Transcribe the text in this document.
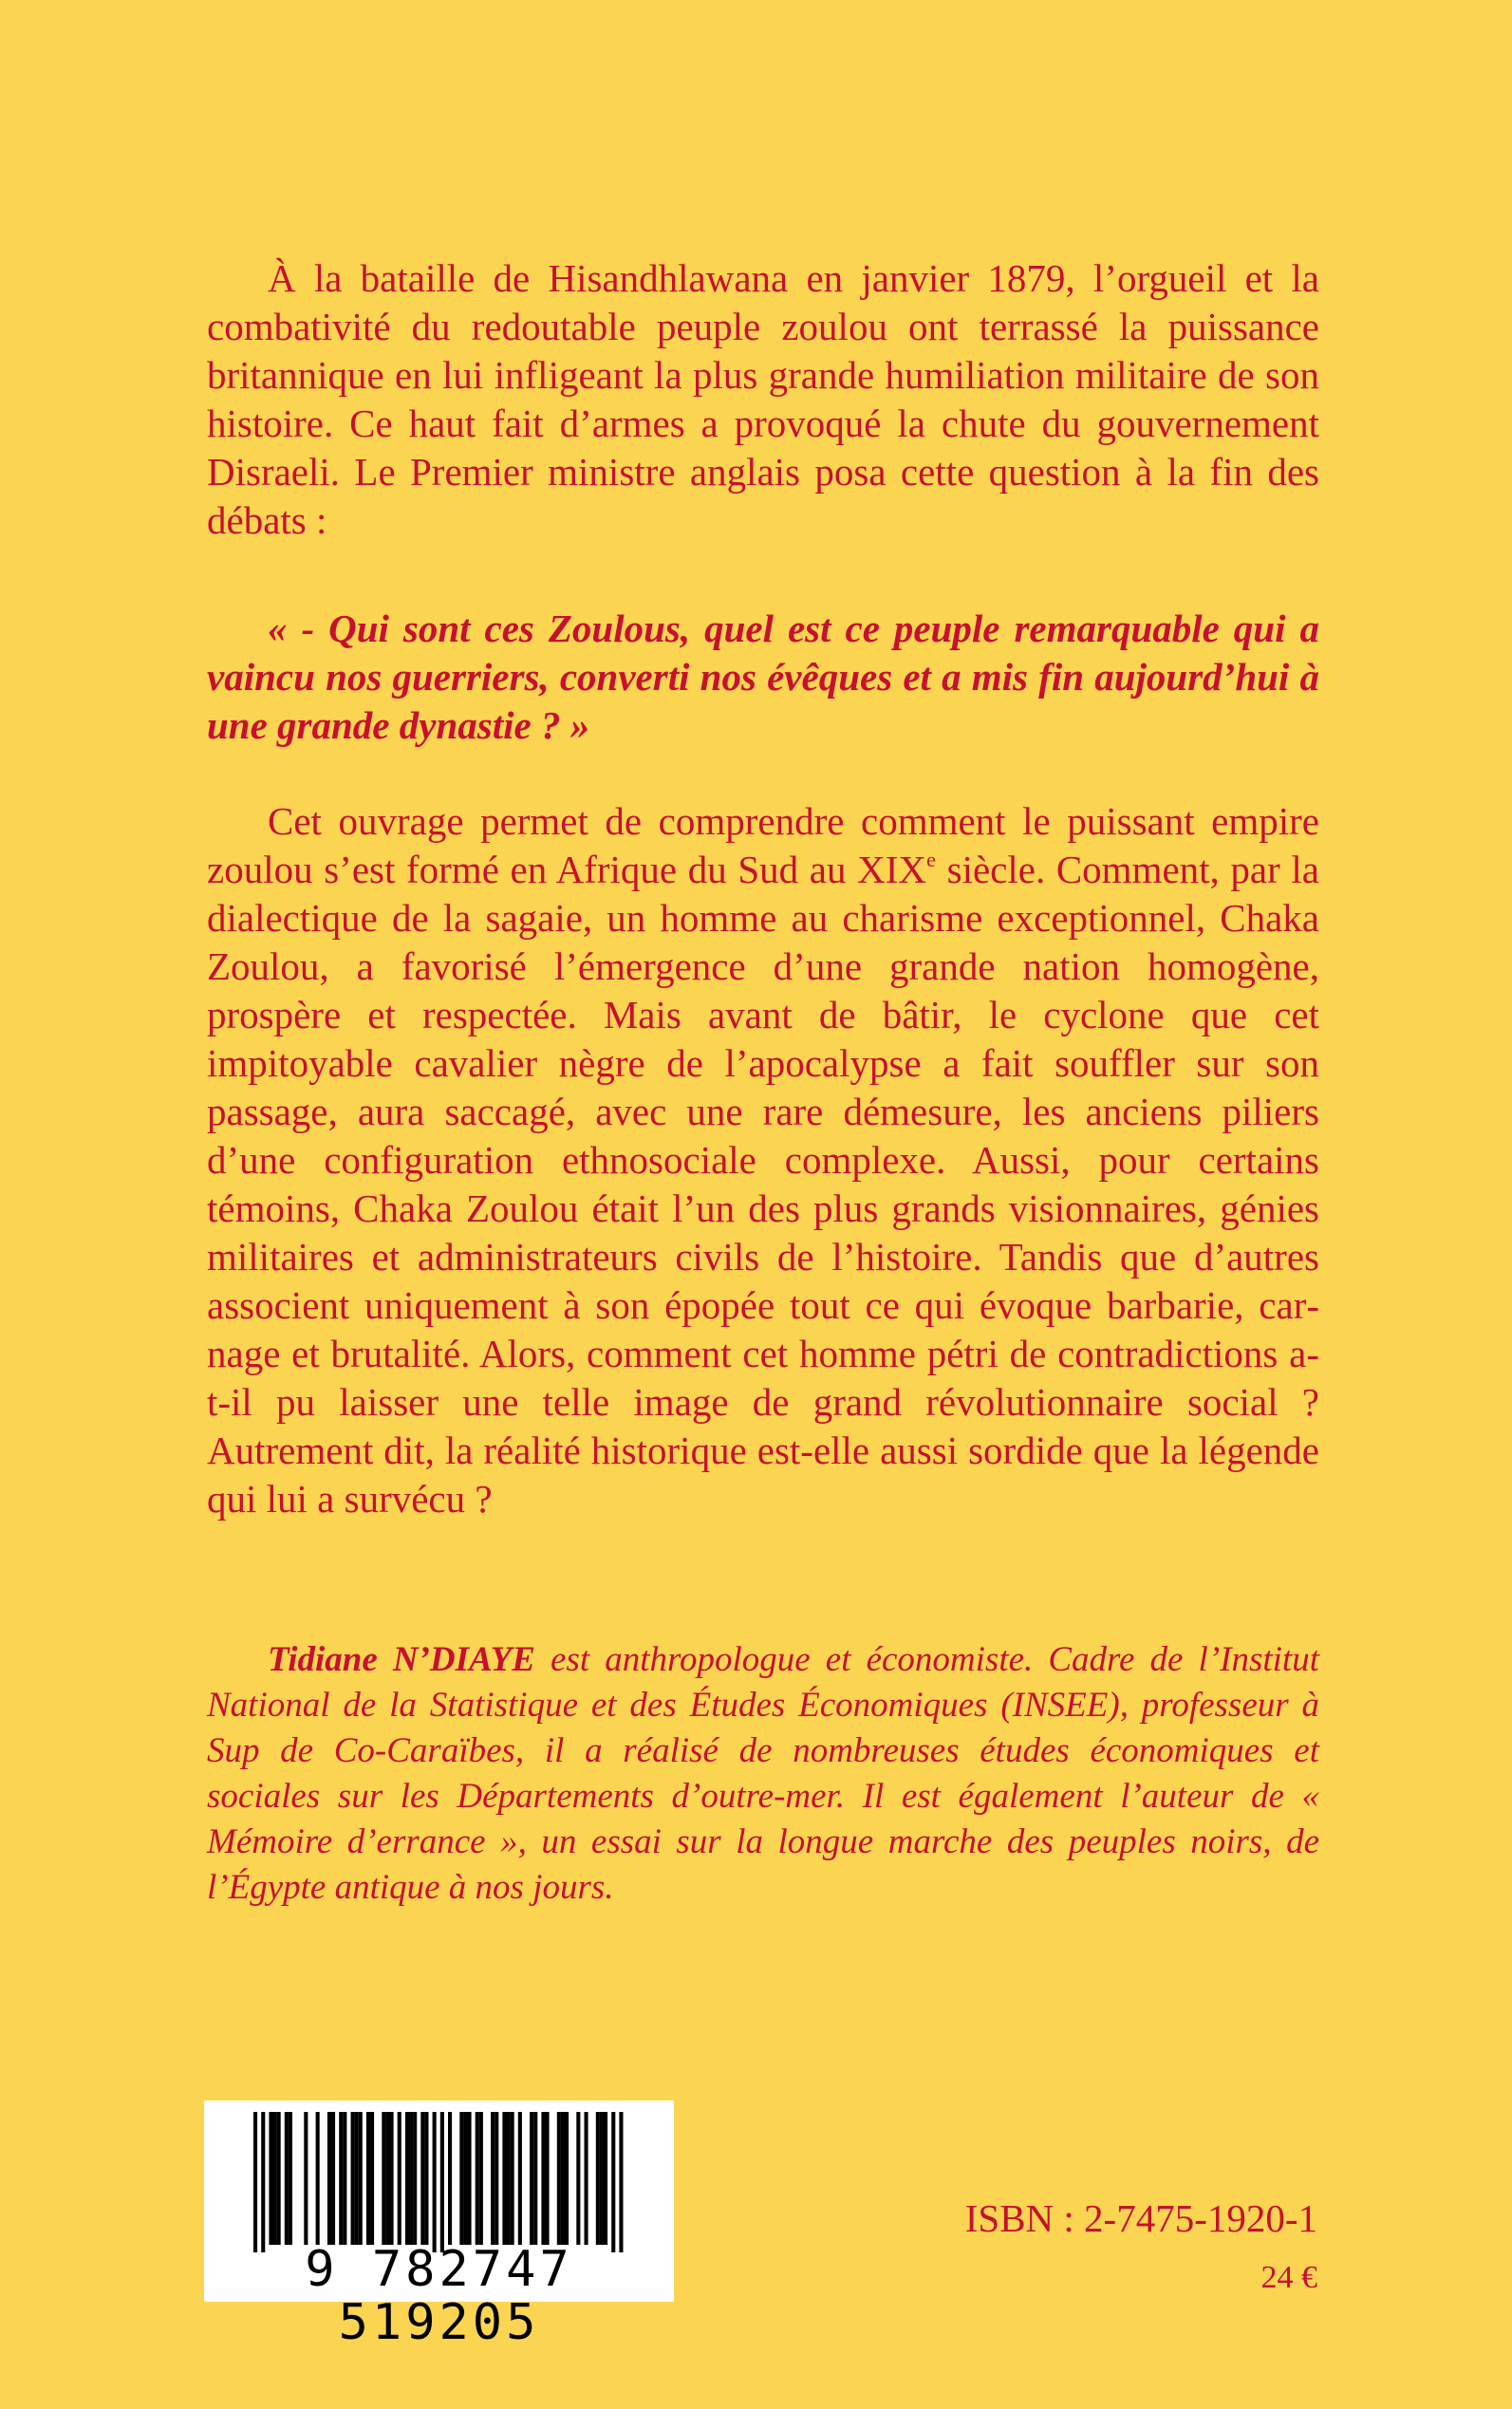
À la bataille de Hisandhlawana en janvier 1879, l’orgueil et la combativité du redoutable peuple zoulou ont terrassé la puissance britannique en lui infligeant la plus grande humiliation militaire de son histoire. Ce haut fait d’armes a provoqué la chute du gouvernement Disraeli. Le Premier ministre anglais posa cette question à la fin des débats :

« - Qui sont ces Zoulous, quel est ce peuple remarquable qui a vaincu nos guerriers, converti nos évêques et a mis fin aujourd’hui à une grande dynastie ? »

Cet ouvrage permet de comprendre comment le puissant empire zoulou s’est formé en Afrique du Sud au XIXe siècle. Comment, par la dialectique de la sagaie, un homme au charisme exceptionnel, Chaka Zoulou, a favorisé l’émergence d’une grande nation homogène, prospère et respectée. Mais avant de bâtir, le cyclone que cet impitoyable cavalier nègre de l’apocalypse a fait souffler sur son passage, aura saccagé, avec une rare démesure, les anciens piliers d’une configuration ethnosociale complexe. Aussi, pour certains témoins, Chaka Zoulou était l’un des plus grands visionnaires, génies militaires et administrateurs civils de l’histoire. Tandis que d’autres associent uniquement à son épopée tout ce qui évoque barbarie, carnage et brutalité. Alors, comment cet homme pétri de contradictions a-t-il pu laisser une telle image de grand révolutionnaire social ? Autrement dit, la réalité historique est-elle aussi sordide que la légende qui lui a survécu ?

Tidiane N’DIAYE est anthropologue et économiste. Cadre de l’Institut National de la Statistique et des Études Économiques (INSEE), professeur à Sup de Co-Caraïbes, il a réalisé de nombreuses études économiques et sociales sur les Départements d’outre-mer. Il est également l’auteur de « Mémoire d’errance », un essai sur la longue marche des peuples noirs, de l’Égypte antique à nos jours.

9 782747 519205

ISBN : 2-7475-1920-1

24 €
